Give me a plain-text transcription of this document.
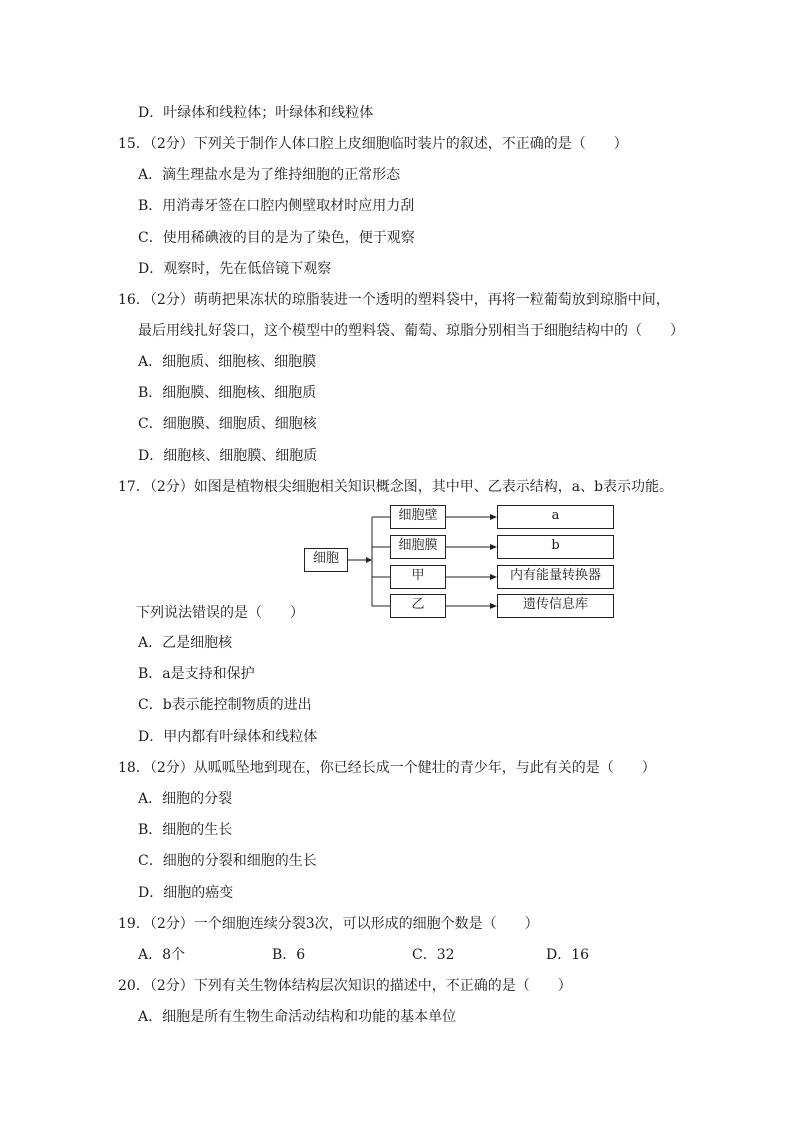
D．叶绿体和线粒体；叶绿体和线粒体
15．（2分）下列关于制作人体口腔上皮细胞临时装片的叙述，不正确的是（　　）
A．滴生理盐水是为了维持细胞的正常形态
B．用消毒牙签在口腔内侧壁取材时应用力刮
C．使用稀碘液的目的是为了染色，便于观察
D．观察时，先在低倍镜下观察
16．（2分）萌萌把果冻状的琼脂装进一个透明的塑料袋中，再将一粒葡萄放到琼脂中间，
最后用线扎好袋口，这个模型中的塑料袋、葡萄、琼脂分别相当于细胞结构中的（　　）
A．细胞质、细胞核、细胞膜
B．细胞膜、细胞核、细胞质
C．细胞膜、细胞质、细胞核
D．细胞核、细胞膜、细胞质
17．（2分）如图是植物根尖细胞相关知识概念图，其中甲、乙表示结构，a、b表示功能。
细胞
细胞壁
细胞膜
甲
乙
a
b
内有能量转换器
遗传信息库
下列说法错误的是（　　）
A．乙是细胞核
B．a是支持和保护
C．b表示能控制物质的进出
D．甲内都有叶绿体和线粒体
18．（2分）从呱呱坠地到现在，你已经长成一个健壮的青少年，与此有关的是（　　）
A．细胞的分裂
B．细胞的生长
C．细胞的分裂和细胞的生长
D．细胞的癌变
19．（2分）一个细胞连续分裂3次，可以形成的细胞个数是（　　）
A．8个	B．6	C．32	D．16
20．（2分）下列有关生物体结构层次知识的描述中，不正确的是（　　）
A．细胞是所有生物生命活动结构和功能的基本单位
